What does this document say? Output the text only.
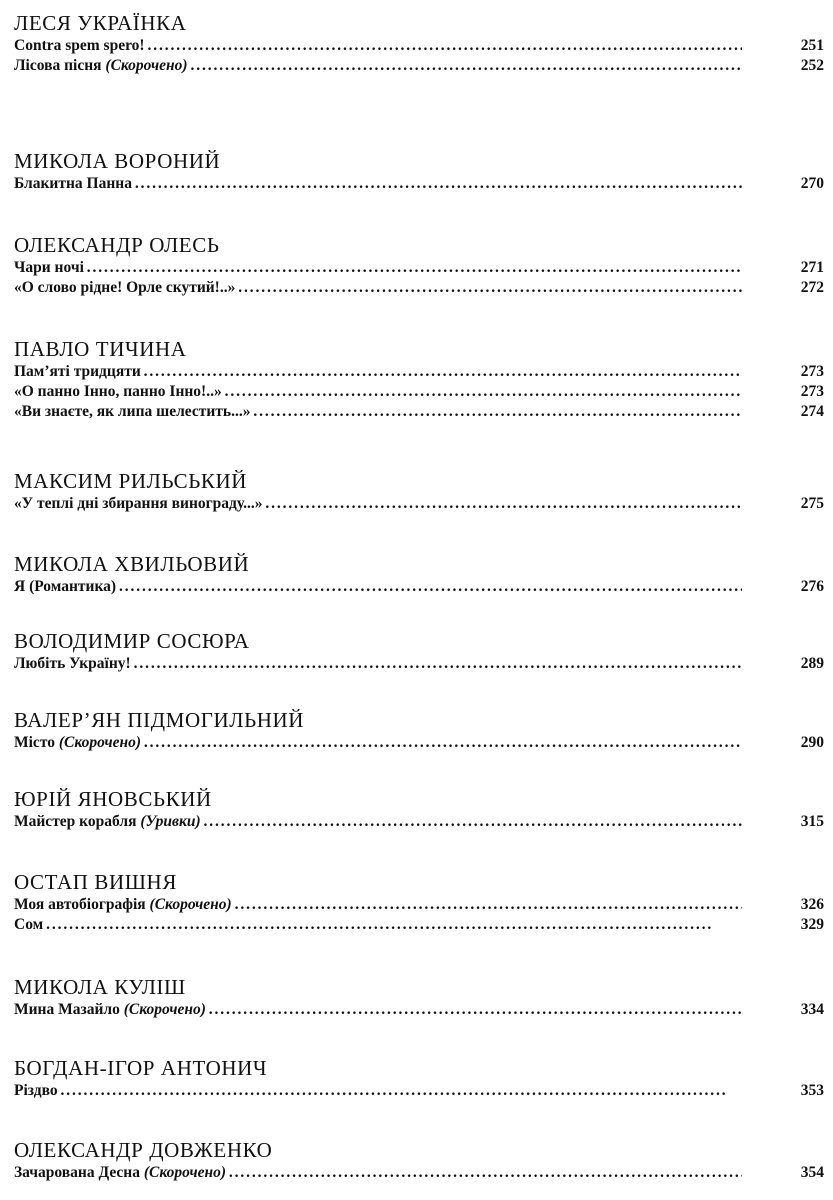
ЛЕСЯ УКРАЇНКА
Contra spem spero! . . .	251
Лісова пісня (Скорочено) . . .	252
МИКОЛА ВОРОНИЙ
Блакитна Панна . . .	270
ОЛЕКСАНДР ОЛЕСЬ
Чари ночі . . .	271
«О слово рідне! Орле скутий!..» . . .	272
ПАВЛО ТИЧИНА
Пам’яті тридцяти . . .	273
«О панно Інно, панно Інно!..» . . .	273
«Ви знаєте, як липа шелестить...» . . .	274
МАКСИМ РИЛЬСЬКИЙ
«У теплі дні збирання винограду...» . . .	275
МИКОЛА ХВИЛЬОВИЙ
Я (Романтика) . . .	276
ВОЛОДИМИР СОСЮРА
Любіть Україну! . . .	289
ВАЛЕР’ЯН ПІДМОГИЛЬНИЙ
Місто (Скорочено) . . .	290
ЮРІЙ ЯНОВСЬКИЙ
Майстер корабля (Уривки) . . .	315
ОСТАП ВИШНЯ
Моя автобіографія (Скорочено) . . .	326
Сом . . .	329
МИКОЛА КУЛІШ
Мина Мазайло (Скорочено) . . .	334
БОГДАН-ІГОР АНТОНИЧ
Різдво . . .	353
ОЛЕКСАНДР ДОВЖЕНКО
Зачарована Десна (Скорочено) . . .	354
